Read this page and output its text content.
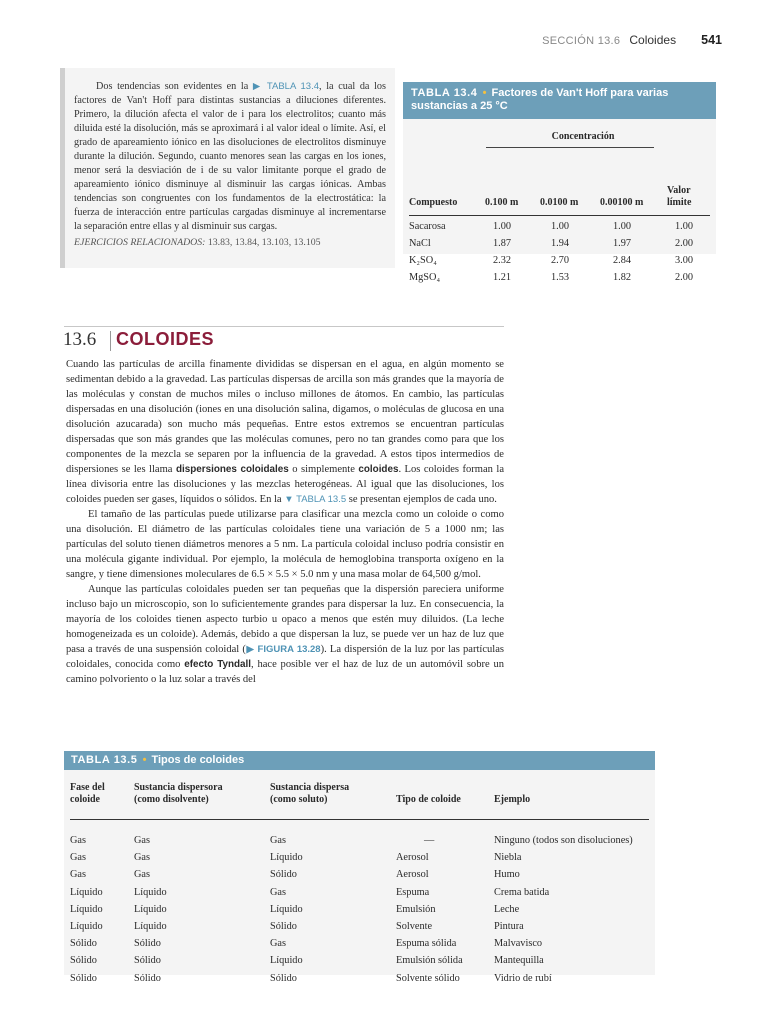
SECCIÓN 13.6 Coloides 541

Dos tendencias son evidentes en la ▶ TABLA 13.4, la cual da los factores de Van't Hoff para distintas sustancias a diluciones diferentes. Primero, la dilución afecta el valor de i para los electrolitos; cuanto más diluida esté la disolución, más se aproximará i al valor ideal o límite. Así, el grado de apareamiento iónico en las disoluciones de electrolitos disminuye durante la dilución. Segundo, cuanto menores sean las cargas en los iones, menor será la desviación de i de su valor limitante porque el grado de apareamiento iónico disminuye al disminuir las cargas iónicas. Ambas tendencias son congruentes con los fundamentos de la electrostática: la fuerza de interacción entre partículas cargadas disminuye al incrementarse la separación entre ellas y al disminuir sus cargas.

EJERCICIOS RELACIONADOS: 13.83, 13.84, 13.103, 13.105
TABLA 13.4 • Factores de Van't Hoff para varias sustancias a 25 °C
Concentración
Compuesto	0.100 m 0.0100 m 0.00100 m
Valor
límite
Sacarosa	1.00	1.00	1.00	1.00
NaCl	1.87	1.94	1.97	2.00
K₂SO₄	2.32	2.70	2.84	3.00
MgSO₄	1.21	1.53	1.82	2.00
13.6 COLOIDES

Cuando las partículas de arcilla finamente divididas se dispersan en el agua, en algún momento se sedimentan debido a la gravedad. Las partículas dispersas de arcilla son más grandes que la mayoría de las moléculas y constan de muchos miles o incluso millones de átomos. En cambio, las partículas dispersadas en una disolución (iones en una disolución salina, digamos, o moléculas de glucosa en una disolución azucarada) son mucho más pequeñas. Entre estos extremos se encuentran partículas dispersadas que son más grandes que las moléculas comunes, pero no tan grandes como para que los componentes de la mezcla se separen por la influencia de la gravedad. A estos tipos intermedios de dispersiones se les llama dispersiones coloidales o simplemente coloides. Los coloides forman la línea divisoria entre las disoluciones y las mezclas heterogéneas. Al igual que las disoluciones, los coloides pueden ser gases, líquidos o sólidos. En la ▼ TABLA 13.5 se presentan ejemplos de cada uno.

El tamaño de las partículas puede utilizarse para clasificar una mezcla como un coloide o como una disolución. El diámetro de las partículas coloidales tiene una variación de 5 a 1000 nm; las partículas del soluto tienen diámetros menores a 5 nm. La partícula coloidal incluso podría consistir en una molécula gigante individual. Por ejemplo, la molécula de hemoglobina transporta oxígeno en la sangre, y tiene dimensiones moleculares de 6.5 × 5.5 × 5.0 nm y una masa molar de 64,500 g/mol.

Aunque las partículas coloidales pueden ser tan pequeñas que la dispersión pareciera uniforme incluso bajo un microscopio, son lo suficientemente grandes para dispersar la luz. En consecuencia, la mayoría de los coloides tienen aspecto turbio u opaco a menos que estén muy diluidos. (La leche homogeneizada es un coloide). Además, debido a que dispersan la luz, se puede ver un haz de luz que pasa a través de una suspensión coloidal (▶ FIGURA 13.28). La dispersión de la luz por las partículas coloidales, conocida como efecto Tyndall, hace posible ver el haz de luz de un automóvil sobre un camino polvoriento o la luz solar a través del

TABLA 13.5 • Tipos de coloides
Fase del
coloide
Sustancia dispersora
(como disolvente)
Sustancia dispersa
(como soluto)	Tipo de coloide	Ejemplo
Gas	Gas	Gas	—	Ninguno (todos son disoluciones)
Gas	Gas	Líquido	Aerosol	Niebla
Gas	Gas	Sólido	Aerosol	Humo
Líquido	Líquido	Gas	Espuma	Crema batida
Líquido	Líquido	Líquido	Emulsión	Leche
Líquido	Líquido	Sólido	Solvente	Pintura
Sólido	Sólido	Gas	Espuma sólida	Malvavisco
Sólido	Sólido	Líquido	Emulsión sólida	Mantequilla
Sólido	Sólido	Sólido	Solvente sólido	Vidrio de rubí
